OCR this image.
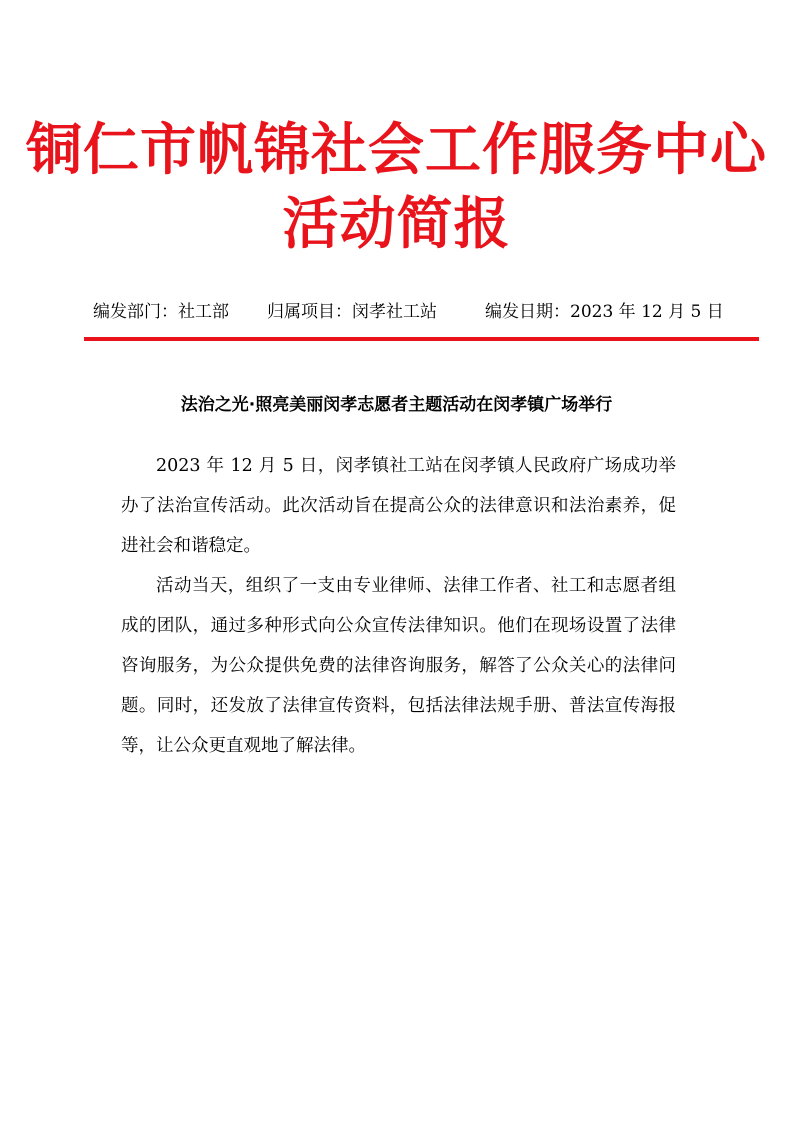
铜仁市帆锦社会工作服务中心
活动简报
编发部门：社工部 归属项目：闵孝社工站	编发日期：2023 年 12 月 5 日
法治之光·照亮美丽闵孝志愿者主题活动在闵孝镇广场举行

2023 年 12 月 5 日，闵孝镇社工站在闵孝镇人民政府广场成功举办了法治宣传活动。此次活动旨在提高公众的法律意识和法治素养，促进社会和谐稳定。

活动当天，组织了一支由专业律师、法律工作者、社工和志愿者组成的团队，通过多种形式向公众宣传法律知识。他们在现场设置了法律咨询服务，为公众提供免费的法律咨询服务，解答了公众关心的法律问题。同时，还发放了法律宣传资料，包括法律法规手册、普法宣传海报等，让公众更直观地了解法律。
